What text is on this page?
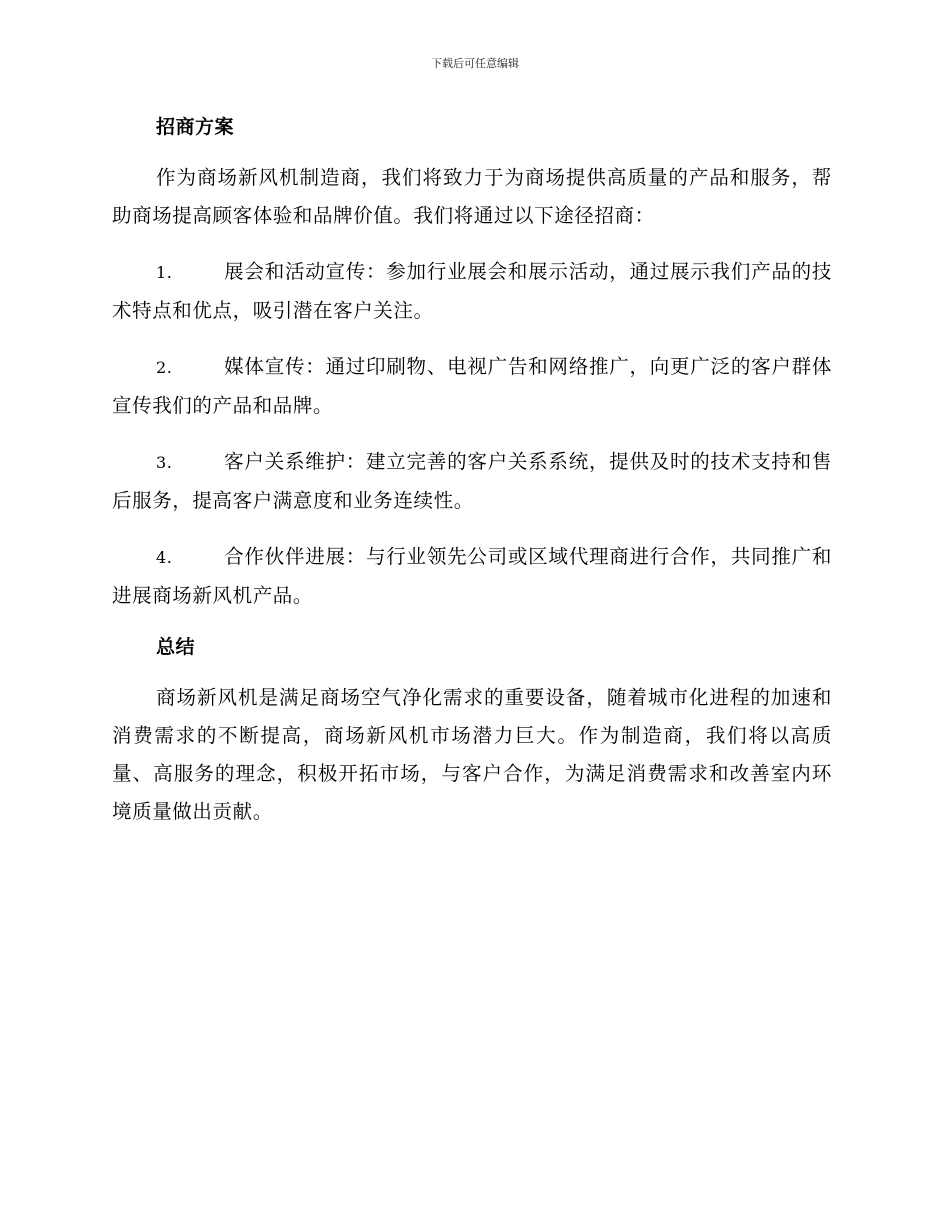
下载后可任意编辑
招商方案

作为商场新风机制造商，我们将致力于为商场提供高质量的产品和服务，帮助商场提高顾客体验和品牌价值。我们将通过以下途径招商：

1.	展会和活动宣传：参加行业展会和展示活动，通过展示我们产品的技术特点和优点，吸引潜在客户关注。

2.	媒体宣传：通过印刷物、电视广告和网络推广，向更广泛的客户群体宣传我们的产品和品牌。

3.	客户关系维护：建立完善的客户关系系统，提供及时的技术支持和售后服务，提高客户满意度和业务连续性。

4.	合作伙伴进展：与行业领先公司或区域代理商进行合作，共同推广和进展商场新风机产品。

总结

商场新风机是满足商场空气净化需求的重要设备，随着城市化进程的加速和消费需求的不断提高，商场新风机市场潜力巨大。作为制造商，我们将以高质量、高服务的理念，积极开拓市场，与客户合作，为满足消费需求和改善室内环境质量做出贡献。
